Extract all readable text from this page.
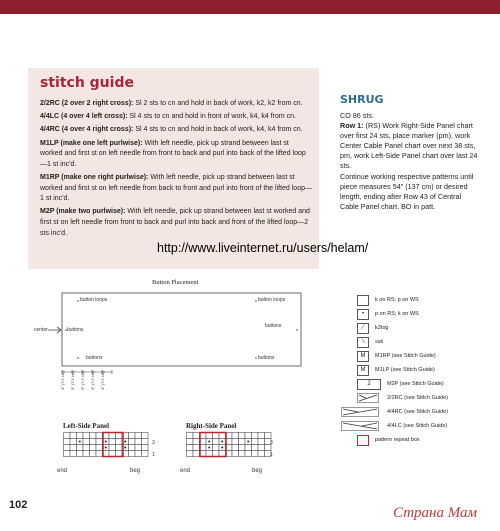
stitch guide
2/2RC (2 over 2 right cross): Sl 2 sts to cn and hold in back of work, k2, k2 from cn.
4/4LC (4 over 4 left cross): Sl 4 sts to cn and hold in front of work, k4, k4 from cn.
4/4RC (4 over 4 right cross): Sl 4 sts to cn and hold in back of work, k4, k4 from cn.
M1LP (make one left purlwise): With left needle, pick up strand between last st worked and first st on left needle from front to back and purl into back of the lifted loop—1 st inc'd.
M1RP (make one right purlwise): With left needle, pick up strand between last st worked and first st on left needle from back to front and purl into front of the lifted loop—1 st inc'd.
M2P (make two purlwise): With left needle, pick up strand between last st worked and first st on left needle from front to back and purl into back and front of the lifted loop—2 sts inc'd.
http://www.liveinternet.ru/users/helam/
SHRUG

CO 86 sts.

Row 1: (RS) Work Right-Side Panel chart over first 24 sts, place marker (pm), work Center Cable Panel chart over next 38 sts, pm, work Left-Side Panel chart over last 24 sts.

Continue working respective patterns until piece measures 54" (137 cm) or desired length, ending after Row 43 of Central Cable Panel chart. BO in patt.

Button Placement
button loops	button loops
buttons
buttons
buttons	buttons
center
3" (7.5 cm) 3" (7.5 cm) 3" (7.5 cm) 3" (7.5 cm) 3" (7.5 cm)
Left-Side Panel
3
1
end	beg
Right-Side Panel
3
1
end	beg
k on RS; p on WS
•	p on RS; k on WS
⁄	k2tog
⁄	ssk
M	M1RP (see Stitch Guide)
M	M1LP (see Stitch Guide)
2	M2P (see Stitch Guide)
2/2RC (see Stitch Guide)
4/4RC (see Stitch Guide)
4/4LC (see Stitch Guide)
pattern repeat box
102	Страна Мам
